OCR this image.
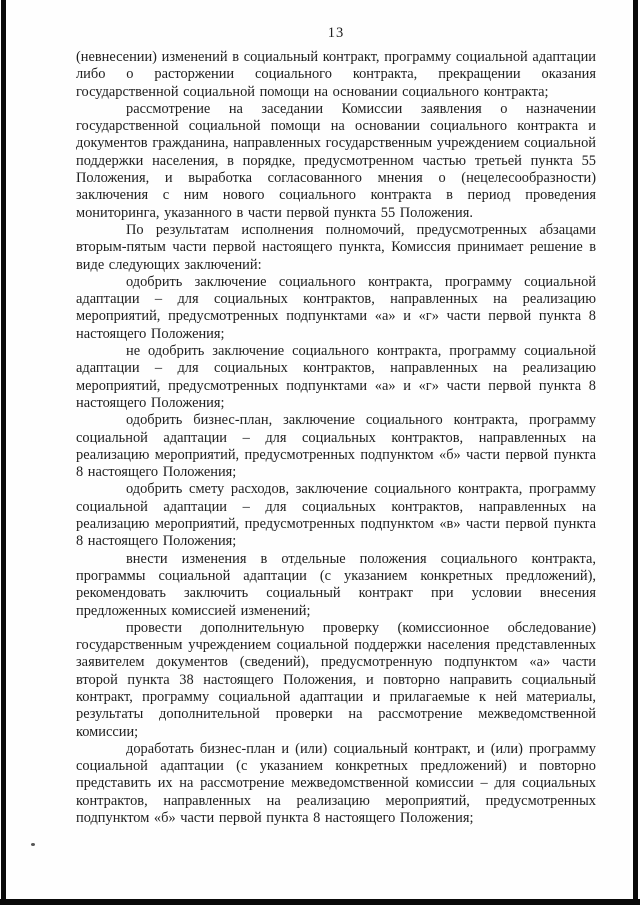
13

(невнесении) изменений в социальный контракт, программу социальной адаптации либо о расторжении социального контракта, прекращении оказания государственной социальной помощи на основании социального контракта;

рассмотрение на заседании Комиссии заявления о назначении государственной социальной помощи на основании социального контракта и документов гражданина, направленных государственным учреждением социальной поддержки населения, в порядке, предусмотренном частью третьей пункта 55 Положения, и выработка согласованного мнения о (нецелесообразности) заключения с ним нового социального контракта в период проведения мониторинга, указанного в части первой пункта 55 Положения.

По результатам исполнения полномочий, предусмотренных абзацами вторым-пятым части первой настоящего пункта, Комиссия принимает решение в виде следующих заключений:

одобрить заключение социального контракта, программу социальной адаптации – для социальных контрактов, направленных на реализацию мероприятий, предусмотренных подпунктами «а» и «г» части первой пункта 8 настоящего Положения;

не одобрить заключение социального контракта, программу социальной адаптации – для социальных контрактов, направленных на реализацию мероприятий, предусмотренных подпунктами «а» и «г» части первой пункта 8 настоящего Положения;

одобрить бизнес-план, заключение социального контракта, программу социальной адаптации – для социальных контрактов, направленных на реализацию мероприятий, предусмотренных подпунктом «б» части первой пункта 8 настоящего Положения;

одобрить смету расходов, заключение социального контракта, программу социальной адаптации – для социальных контрактов, направленных на реализацию мероприятий, предусмотренных подпунктом «в» части первой пункта 8 настоящего Положения;

внести изменения в отдельные положения социального контракта, программы социальной адаптации (с указанием конкретных предложений), рекомендовать заключить социальный контракт при условии внесения предложенных комиссией изменений;

провести дополнительную проверку (комиссионное обследование) государственным учреждением социальной поддержки населения представленных заявителем документов (сведений), предусмотренную подпунктом «а» части второй пункта 38 настоящего Положения, и повторно направить социальный контракт, программу социальной адаптации и прилагаемые к ней материалы, результаты дополнительной проверки на рассмотрение межведомственной комиссии;

доработать бизнес-план и (или) социальный контракт, и (или) программу социальной адаптации (с указанием конкретных предложений) и повторно представить их на рассмотрение межведомственной комиссии – для социальных контрактов, направленных на реализацию мероприятий, предусмотренных подпунктом «б» части первой пункта 8 настоящего Положения;
